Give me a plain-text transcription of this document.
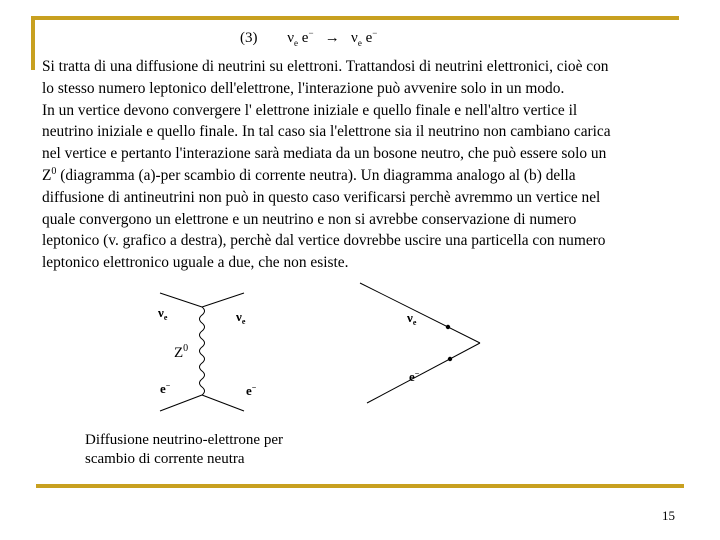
(3) $\nu_e$ $e^- \to \nu_e$ e−
Si tratta di una diffusione di neutrini su elettroni. Trattandosi di neutrini elettronici, cioè con
lo stesso numero leptonico dell'elettrone, l'interazione può avvenire solo in un modo.
In un vertice devono convergere l' elettrone iniziale e quello finale e nell'altro vertice il
neutrino iniziale e quello finale. In tal caso sia l'elettrone sia il neutrino non cambiano carica
nel vertice e pertanto l'interazione sarà mediata da un bosone neutro, che può essere solo un
$Z^0$ (diagramma (a)-per scambio di corrente neutra). Un diagramma analogo al (b) della
diffusione di antineutrini non può in questo caso verificarsi perchè avremmo un vertice nel
quale convergono un elettrone e un neutrino e non si avrebbe conservazione di numero
leptonico (v. grafico a destra), perchè dal vertice dovrebbe uscire una particella con numero
leptonico elettronico uguale a due, che non esiste.
$\nu_e$	$\nu_e$
$Z^0$
e−	e−
$\nu_e$
e−
Diffusione neutrino-elettrone per
scambio di corrente neutra
15
